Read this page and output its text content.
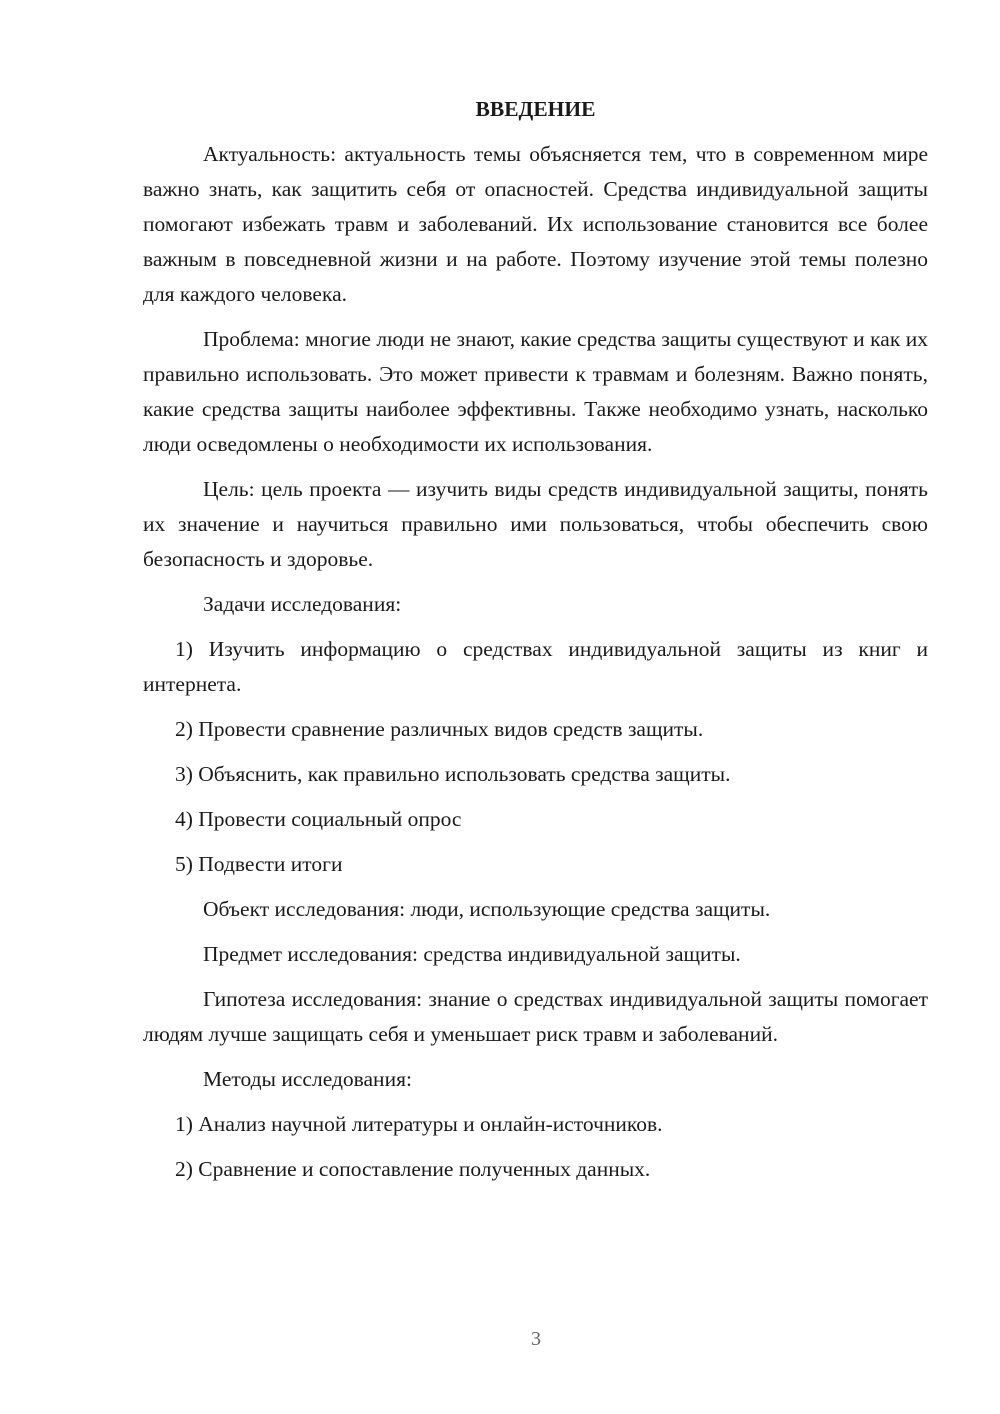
ВВЕДЕНИЕ

Актуальность: актуальность темы объясняется тем, что в современном мире важно знать, как защитить себя от опасностей. Средства индивидуальной защиты помогают избежать травм и заболеваний. Их использование становится все более важным в повседневной жизни и на работе. Поэтому изучение этой темы полезно для каждого человека.

Проблема: многие люди не знают, какие средства защиты существуют и как их правильно использовать. Это может привести к травмам и болезням. Важно понять, какие средства защиты наиболее эффективны. Также необходимо узнать, насколько люди осведомлены о необходимости их использования.

Цель: цель проекта — изучить виды средств индивидуальной защиты, понять их значение и научиться правильно ими пользоваться, чтобы обеспечить свою безопасность и здоровье.

Задачи исследования:

1) Изучить информацию о средствах индивидуальной защиты из книг и интернета.

2) Провести сравнение различных видов средств защиты.

3) Объяснить, как правильно использовать средства защиты.

4) Провести социальный опрос

5) Подвести итоги

Объект исследования: люди, использующие средства защиты.

Предмет исследования: средства индивидуальной защиты.

Гипотеза исследования: знание о средствах индивидуальной защиты помогает людям лучше защищать себя и уменьшает риск травм и заболеваний.

Методы исследования:

1) Анализ научной литературы и онлайн-источников.

2) Сравнение и сопоставление полученных данных.

3
